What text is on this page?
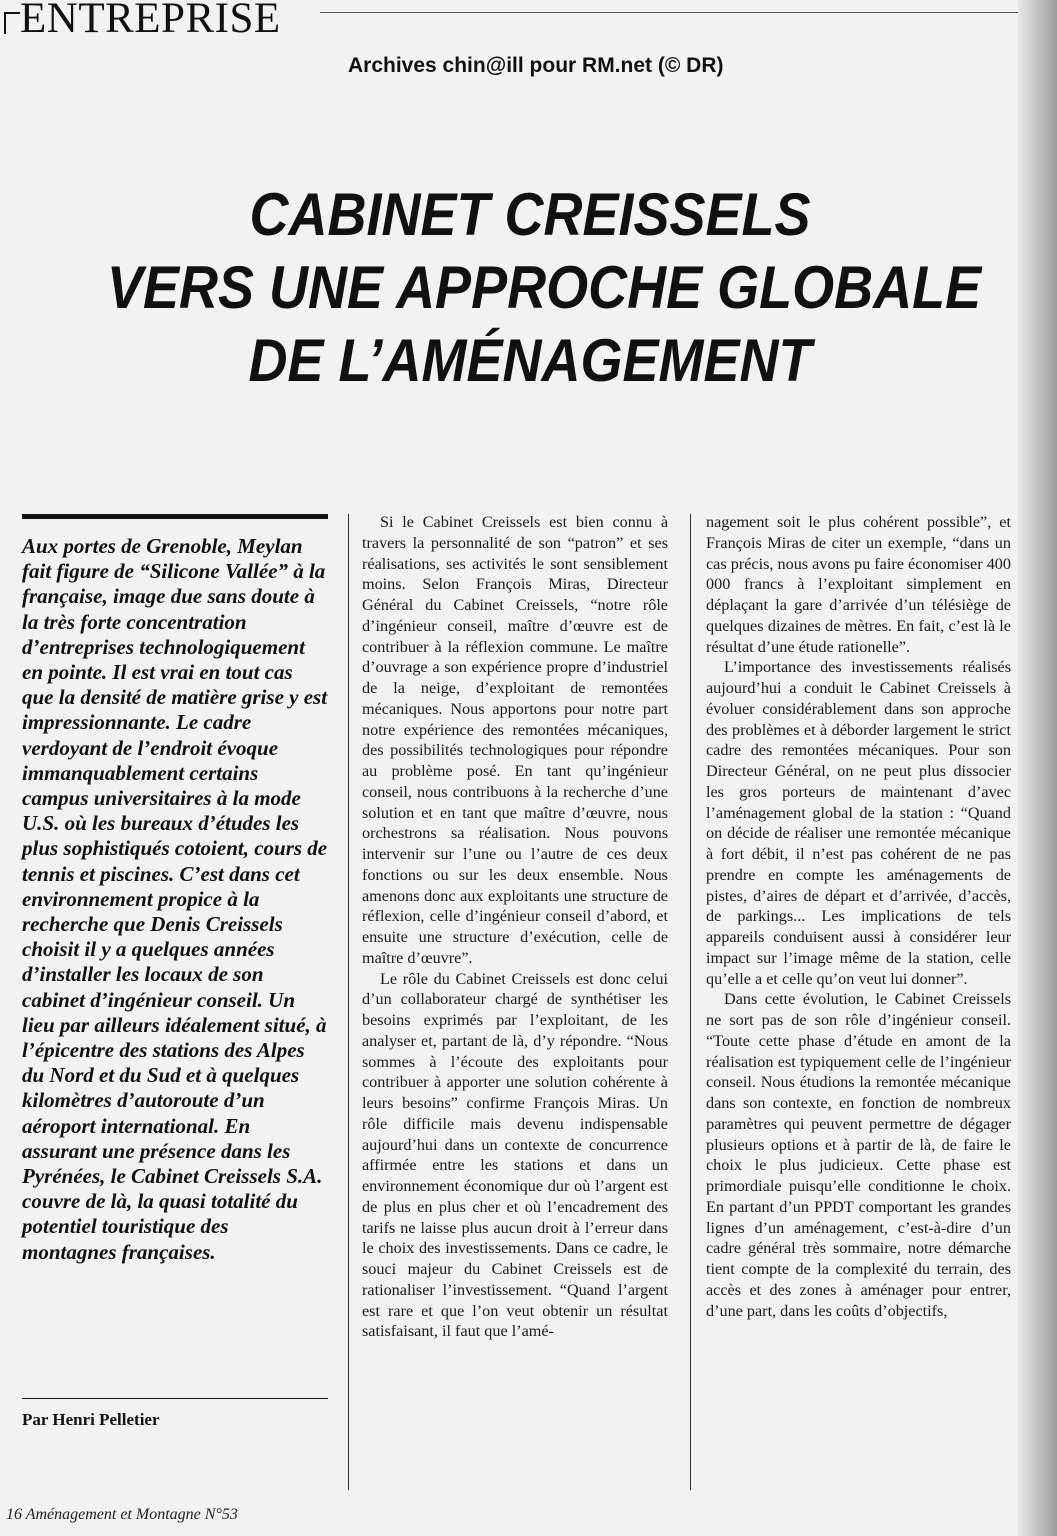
ENTREPRISE
Archives chin@ill pour RM.net (© DR)
CABINET CREISSELS
VERS UNE APPROCHE GLOBALE
DE L’AMÉNAGEMENT
Aux portes de Grenoble, Meylan fait figure de “Silicone Vallée” à la française, image due sans doute à la très forte concentration d’entreprises technologiquement en pointe. Il est vrai en tout cas que la densité de matière grise y est impressionnante. Le cadre verdoyant de l’endroit évoque immanquablement certains campus universitaires à la mode U.S. où les bureaux d’études les plus sophistiqués cotoient, cours de tennis et piscines. C’est dans cet environnement propice à la recherche que Denis Creissels choisit il y a quelques années d’installer les locaux de son cabinet d’ingénieur conseil. Un lieu par ailleurs idéalement situé, à l’épicentre des stations des Alpes du Nord et du Sud et à quelques kilomètres d’autoroute d’un aéroport international. En assurant une présence dans les Pyrénées, le Cabinet Creissels S.A. couvre de là, la quasi totalité du potentiel touristique des montagnes françaises.
Par Henri Pelletier

Si le Cabinet Creissels est bien connu à travers la personnalité de son “patron” et ses réalisations, ses activités le sont sensiblement moins. Selon François Miras, Directeur Général du Cabinet Creissels, “notre rôle d’ingénieur conseil, maître d’œuvre est de contribuer à la réflexion commune. Le maître d’ouvrage a son expérience propre d’industriel de la neige, d’exploitant de remontées mécaniques. Nous apportons pour notre part notre expérience des remontées mécaniques, des possibilités technologiques pour répondre au problème posé. En tant qu’ingénieur conseil, nous contribuons à la recherche d’une solution et en tant que maître d’œuvre, nous orchestrons sa réalisation. Nous pouvons intervenir sur l’une ou l’autre de ces deux fonctions ou sur les deux ensemble. Nous amenons donc aux exploitants une structure de réflexion, celle d’ingénieur conseil d’abord, et ensuite une structure d’exécution, celle de maître d’œuvre”.

Le rôle du Cabinet Creissels est donc celui d’un collaborateur chargé de synthétiser les besoins exprimés par l’exploitant, de les analyser et, partant de là, d’y répondre. “Nous sommes à l’écoute des exploitants pour contribuer à apporter une solution cohérente à leurs besoins” confirme François Miras. Un rôle difficile mais devenu indispensable aujourd’hui dans un contexte de concurrence affirmée entre les stations et dans un environnement économique dur où l’argent est de plus en plus cher et où l’encadrement des tarifs ne laisse plus aucun droit à l’erreur dans le choix des investissements. Dans ce cadre, le souci majeur du Cabinet Creissels est de rationaliser l’investissement. “Quand l’argent est rare et que l’on veut obtenir un résultat satisfaisant, il faut que l’amé-

nagement soit le plus cohérent possible”, et François Miras de citer un exemple, “dans un cas précis, nous avons pu faire économiser 400 000 francs à l’exploitant simplement en déplaçant la gare d’arrivée d’un télésiège de quelques dizaines de mètres. En fait, c’est là le résultat d’une étude rationelle”.

L’importance des investissements réalisés aujourd’hui a conduit le Cabinet Creissels à évoluer considérablement dans son approche des problèmes et à déborder largement le strict cadre des remontées mécaniques. Pour son Directeur Général, on ne peut plus dissocier les gros porteurs de maintenant d’avec l’aménagement global de la station : “Quand on décide de réaliser une remontée mécanique à fort débit, il n’est pas cohérent de ne pas prendre en compte les aménagements de pistes, d’aires de départ et d’arrivée, d’accès, de parkings... Les implications de tels appareils conduisent aussi à considérer leur impact sur l’image même de la station, celle qu’elle a et celle qu’on veut lui donner”.

Dans cette évolution, le Cabinet Creissels ne sort pas de son rôle d’ingénieur conseil. “Toute cette phase d’étude en amont de la réalisation est typiquement celle de l’ingénieur conseil. Nous étudions la remontée mécanique dans son contexte, en fonction de nombreux paramètres qui peuvent permettre de dégager plusieurs options et à partir de là, de faire le choix le plus judicieux. Cette phase est primordiale puisqu’elle conditionne le choix. En partant d’un PPDT comportant les grandes lignes d’un aménagement, c’est-à-dire d’un cadre général très sommaire, notre démarche tient compte de la complexité du terrain, des accès et des zones à aménager pour entrer, d’une part, dans les coûts d’objectifs,

16 Aménagement et Montagne N°53
